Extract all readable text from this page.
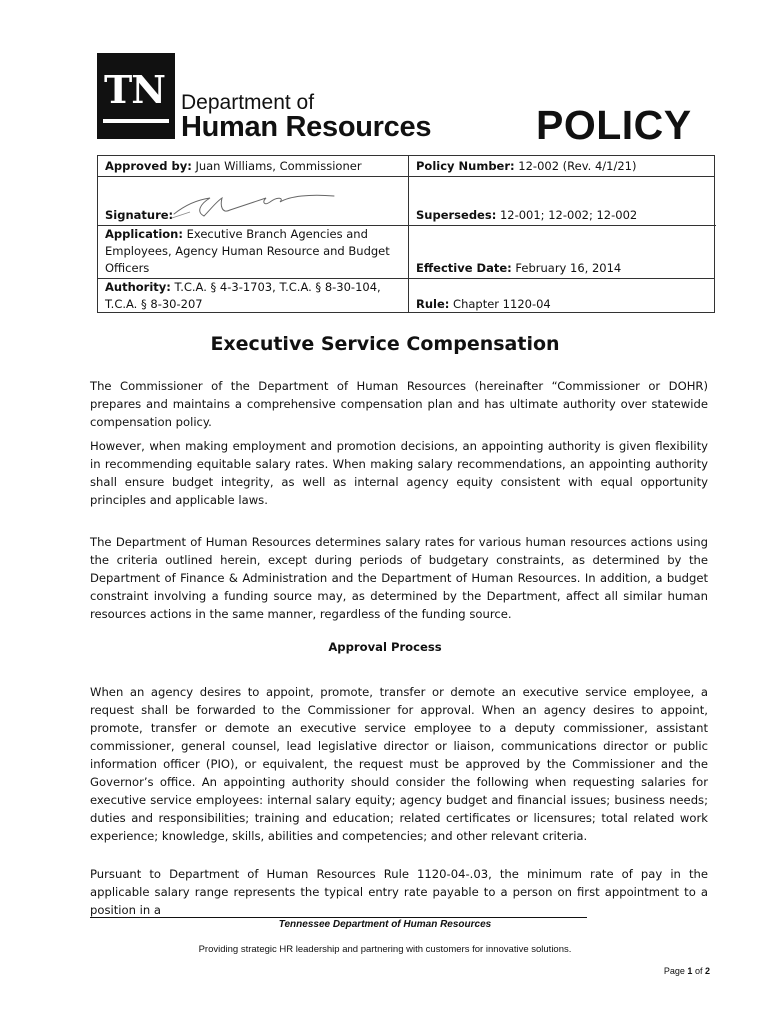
TN Department of
Human Resources	POLICY
Approved by: Juan Williams, Commissioner	Policy Number: 12-002 (Rev. 4/1/21)
Signature:	Supersedes: 12-001; 12-002; 12-002
Application: Executive Branch Agencies and
Employees, Agency Human Resource and Budget
Officers	Effective Date: February 16, 2014
Authority: T.C.A. § 4-3-1703, T.C.A. § 8-30-104,
T.C.A. § 8-30-207	Rule: Chapter 1120-04
Executive Service Compensation
The Commissioner of the Department of Human Resources (hereinafter “Commissioner or DOHR) prepares and maintains a comprehensive compensation plan and has ultimate authority over statewide compensation policy.
However, when making employment and promotion decisions, an appointing authority is given flexibility in recommending equitable salary rates. When making salary recommendations, an appointing authority shall ensure budget integrity, as well as internal agency equity consistent with equal opportunity principles and applicable laws.
The Department of Human Resources determines salary rates for various human resources actions using the criteria outlined herein, except during periods of budgetary constraints, as determined by the Department of Finance & Administration and the Department of Human Resources. In addition, a budget constraint involving a funding source may, as determined by the Department, affect all similar human resources actions in the same manner, regardless of the funding source.
Approval Process
When an agency desires to appoint, promote, transfer or demote an executive service employee, a request shall be forwarded to the Commissioner for approval. When an agency desires to appoint, promote, transfer or demote an executive service employee to a deputy commissioner, assistant commissioner, general counsel, lead legislative director or liaison, communications director or public information officer (PIO), or equivalent, the request must be approved by the Commissioner and the Governor’s office. An appointing authority should consider the following when requesting salaries for executive service employees: internal salary equity; agency budget and financial issues; business needs; duties and responsibilities; training and education; related certificates or licensures; total related work experience; knowledge, skills, abilities and competencies; and other relevant criteria.
Pursuant to Department of Human Resources Rule 1120-04-.03, the minimum rate of pay in the applicable salary range represents the typical entry rate payable to a person on first appointment to a position in a
Tennessee Department of Human Resources
Providing strategic HR leadership and partnering with customers for innovative solutions.
Page 1 of 2
